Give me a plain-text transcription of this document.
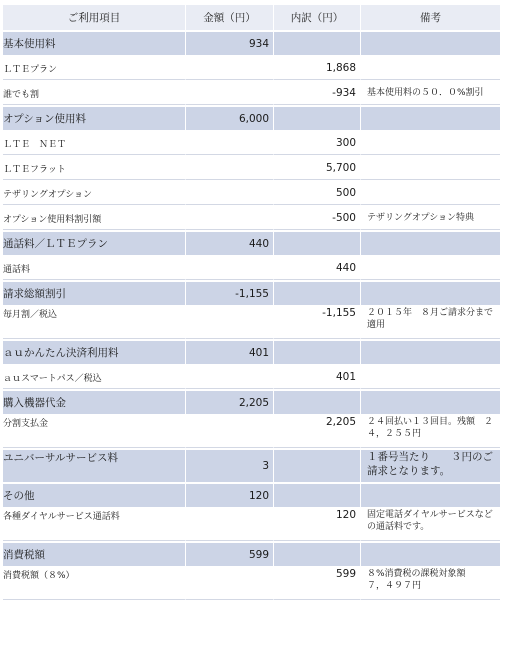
ご利用項目	金額（円）	内訳（円）	備考
基本使用料	934		
ＬＴＥプラン		1,868	
誰でも割		-934	基本使用料の５０．０%割引
オプション使用料	6,000		
ＬＴＥ　ＮＥＴ		300	
ＬＴＥフラット		5,700	
テザリングオプション		500	
オプション使用料割引額		-500	テザリングオプション特典
通話料／ＬＴＥプラン	440		
通話料		440	
請求総額割引	-1,155		
毎月割／税込		-1,155	２０１５年　８月ご請求分まで適用
ａｕかんたん決済利用料	401		
ａｕスマートパス／税込		401	
購入機器代金	2,205		
分割支払金		2,205	２４回払い１３回目。残額　２４，２５５円
ユニバーサルサービス料	3		１番号当たり　　３円のご請求となります。
その他	120		
各種ダイヤルサービス通話料		120	固定電話ダイヤルサービスなどの通話料です。
消費税額	599		
消費税額（８%）		599	８%消費税の課税対象額　　　７，４９７円
